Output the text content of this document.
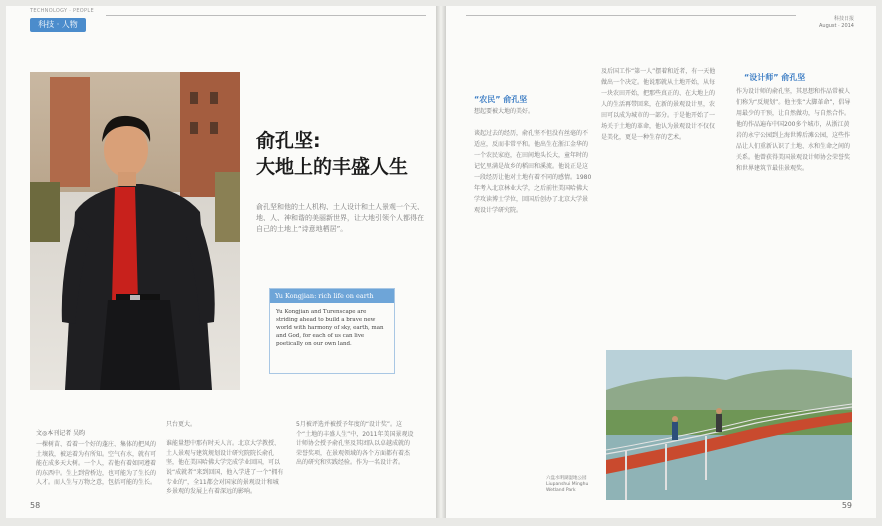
TECHNOLOGY · PEOPLE
科技 · 人物
俞孔坚:
大地上的丰盛人生
俞孔坚和他的土人机构、土人设计和土人景观一个天、地、人、神和谐的美丽新世界，让大地引领个人都得在自己的土地上“诗意地栖居”。
Yu Kongjian: rich life on earth
Yu Kongjian and Turenscape are striding ahead to build a brave new world with harmony of sky, earth, man and God, for each of us can live poetically on our own land.
文◎本刊记者 吴昀
一棵树苗、看着一个好的蓬庄、集体的把风的土壤栽，被运着为有所知。空气有水，就有可能在成多天大树。一个人，若他有着如同遵着的东西中。生上到营桥边，也可能为了生长的人才。而人生与万物之意，包括可能的生长。
只台更大。

谁能量想中那有时天人言。北京大学教授、土人景观与建筑规划设计研究院院长俞孔坚，他在美国哈佛大学完成学业回国，可以说“成就者”来到回国，他入学进了一个“拥有专业的”，全11都会对国家的景观设计和城乡景观的发展上有着深远的影响。
5月被评选并被授予年度的“设计奖”。这个“土地的丰盛人生”中，2011年美国景观设计师协会授予俞孔坚及其团队以卓越成就的荣誉奖项，在景观领域的各个方面都有着杰出的研究和实践经验。作为一名设计者。
58
科技日报
August · 2014
“农民” 俞孔坚
想起要被大地的美好。

谈起过去的经历，俞孔坚不但没有丝毫的不适应，反而非常平和。他出生在浙江金华的一个农民家庭，在田间地头长大，童年时的记忆里满是故乡的稻田和溪流。他说正是这一段经历让他对土地有着不同的感情。1980年考入北京林业大学，之后前往美国哈佛大学攻读博士学位，回国后创办了北京大学景观设计学研究院。
及后国工作“第一人”摆着和近者，有一天他做出一个决定。他说那就从土地开始，从每一块农田开始，把那些真正的、在大地上的人的生活再带回来，在新的景观设计里，农田可以成为城市的一部分。于是他开始了一场关于土地的革命，他认为景观设计不仅仅是美化，更是一种生存的艺术。
“设计师” 俞孔坚
作为设计师的俞孔坚，其思想和作品常被人们称为“反规划”。他主张“大脚革命”，倡导用最少的干预，让自然做功，与自然合作。他的作品遍布中国200多个城市，从浙江黄岩的永宁公园到上海世博后滩公园，这些作品让人们重新认识了土地、水和生命之间的关系。他曾获得美国景观设计师协会荣誉奖和世界建筑节最佳景观奖。
六盘水明湖湿地公园
Liupanshui Minghu
Wetland Park
59
